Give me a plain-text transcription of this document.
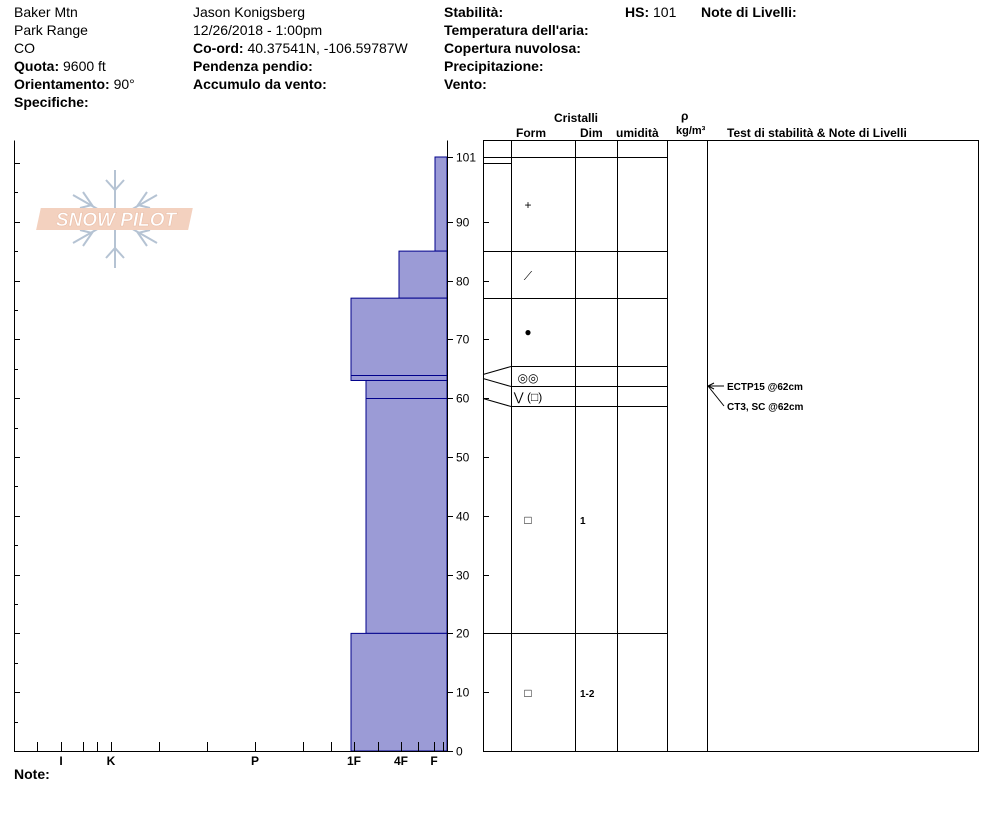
Baker Mtn
Park Range
CO
Quota: 9600 ft
Orientamento: 90°
Specifiche:
Jason Konigsberg
12/26/2018 - 1:00pm
Co-ord: 40.37541N, -106.59787W
Pendenza pendio:
Accumulo da vento:
Stabilità:
Temperatura dell'aria:
Copertura nuvolosa:
Precipitazione:
Vento:
HS: 101 Note di Livelli:
Cristalli
Form	Dim umidità
ρ
kg/m³ Test di stabilità & Note di Livelli
Note:
SNOW PILOT
I	K	P	1F	4F F
0
10
20
30
40
50
60
70
80
90
101
+
⟋
●
◎◎
⋁ (□)
□	1
□	1-2
ECTP15 @62cm
CT3, SC @62cm
